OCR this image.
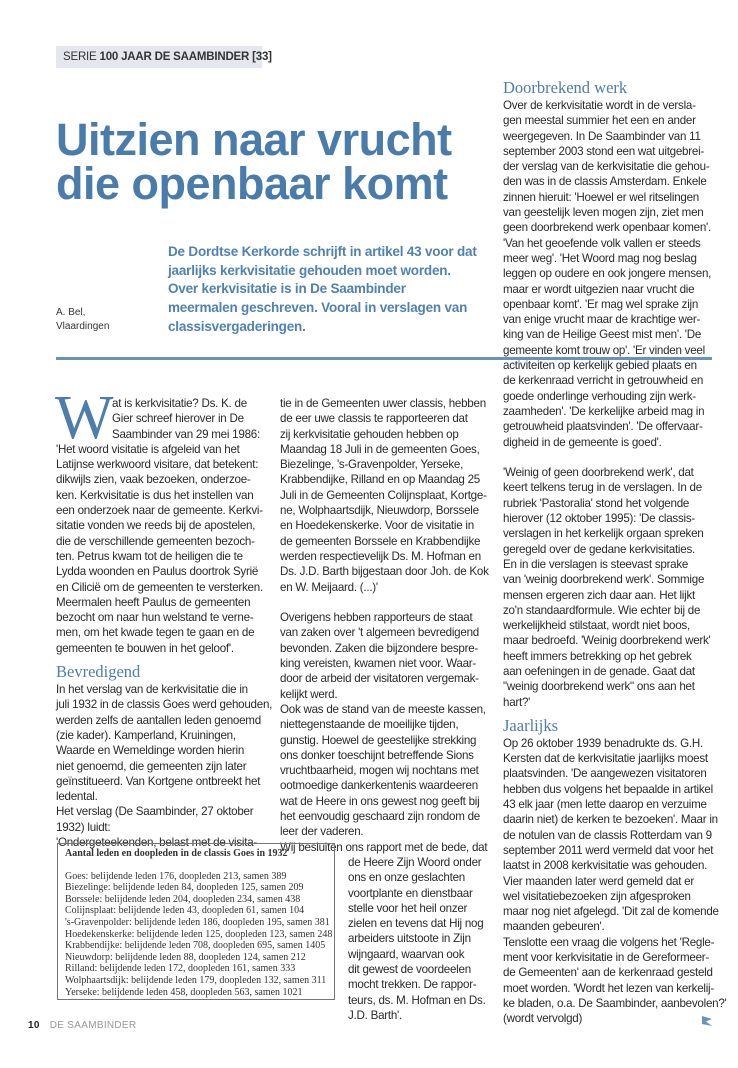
SERIE 100 JAAR DE SAAMBINDER [33]
Uitzien naar vrucht die openbaar komt
A. Bel,
Vlaardingen
De Dordtse Kerkorde schrijft in artikel 43 voor dat jaarlijks kerkvisitatie gehouden moet worden. Over kerkvisitatie is in De Saambinder meermalen geschreven. Vooral in verslagen van classisvergaderingen.
W
at is kerkvisitatie? Ds. K. de
Gier schreef hierover in De
Saambinder van 29 mei 1986:
'Het woord visitatie is afgeleid van het
Latijnse werkwoord visitare, dat betekent:
dikwijls zien, vaak bezoeken, onderzoe-
ken. Kerkvisitatie is dus het instellen van
een onderzoek naar de gemeente. Kerkvi-
sitatie vonden we reeds bij de apostelen,
die de verschillende gemeenten bezoch-
ten. Petrus kwam tot de heiligen die te
Lydda woonden en Paulus doortrok Syrië
en Cilicië om de gemeenten te versterken.
Meermalen heeft Paulus de gemeenten
bezocht om naar hun welstand te verne-
men, om het kwade tegen te gaan en de
gemeenten te bouwen in het geloof'.
Bevredigend
In het verslag van de kerkvisitatie die in
juli 1932 in de classis Goes werd gehouden,
werden zelfs de aantallen leden genoemd
(zie kader). Kamperland, Kruiningen,
Waarde en Wemeldinge worden hierin
niet genoemd, die gemeenten zijn later
geïnstitueerd. Van Kortgene ontbreekt het
ledental.
Het verslag (De Saambinder, 27 oktober
1932) luidt:
'Ondergeteekenden, belast met de visita-
tie in de Gemeenten uwer classis, hebben
de eer uwe classis te rapporteeren dat
zij kerkvisitatie gehouden hebben op
Maandag 18 Juli in de gemeenten Goes,
Biezelinge, 's-Gravenpolder, Yerseke,
Krabbendijke, Rilland en op Maandag 25
Juli in de Gemeenten Colijnsplaat, Kortge-
ne, Wolphaartsdijk, Nieuwdorp, Borssele
en Hoedekenskerke. Voor de visitatie in
de gemeenten Borssele en Krabbendijke
werden respectievelijk Ds. M. Hofman en
Ds. J.D. Barth bijgestaan door Joh. de Kok
en W. Meijaard. (...)'
Overigens hebben rapporteurs de staat
van zaken over 't algemeen bevredigend
bevonden. Zaken die bijzondere bespre-
king vereisten, kwamen niet voor. Waar-
door de arbeid der visitatoren vergemak-
kelijkt werd.
Ook was de stand van de meeste kassen,
niettegenstaande de moeilijke tijden,
gunstig. Hoewel de geestelijke strekking
ons donker toeschijnt betreffende Sions
vruchtbaarheid, mogen wij nochtans met
ootmoedige dankerkentenis waardeeren
wat de Heere in ons gewest nog geeft bij
het eenvoudig geschaard zijn rondom de
leer der vaderen.
Wij besluiten ons rapport met de bede, dat
de Heere Zijn Woord onder
ons en onze geslachten
voortplante en dienstbaar
stelle voor het heil onzer
zielen en tevens dat Hij nog
arbeiders uitstoote in Zijn
wijngaard, waarvan ook
dit gewest de voordeelen
mocht trekken. De rappor-
teurs, ds. M. Hofman en Ds.
J.D. Barth'.
Doorbrekend werk
Over de kerkvisitatie wordt in de versla-
gen meestal summier het een en ander
weergegeven. In De Saambinder van 11
september 2003 stond een wat uitgebrei-
der verslag van de kerkvisitatie die gehou-
den was in de classis Amsterdam. Enkele
zinnen hieruit: 'Hoewel er wel ritselingen
van geestelijk leven mogen zijn, ziet men
geen doorbrekend werk openbaar komen'.
'Van het geoefende volk vallen er steeds
meer weg'. 'Het Woord mag nog beslag
leggen op oudere en ook jongere mensen,
maar er wordt uitgezien naar vrucht die
openbaar komt'. 'Er mag wel sprake zijn
van enige vrucht maar de krachtige wer-
king van de Heilige Geest mist men'. 'De
gemeente komt trouw op'. 'Er vinden veel
activiteiten op kerkelijk gebied plaats en
de kerkenraad verricht in getrouwheid en
goede onderlinge verhouding zijn werk-
zaamheden'. 'De kerkelijke arbeid mag in
getrouwheid plaatsvinden'. 'De offervaar-
digheid in de gemeente is goed'.
'Weinig of geen doorbrekend werk', dat
keert telkens terug in de verslagen. In de
rubriek 'Pastoralia' stond het volgende
hierover (12 oktober 1995): 'De classis-
verslagen in het kerkelijk orgaan spreken
geregeld over de gedane kerkvisitaties.
En in die verslagen is steevast sprake
van 'weinig doorbrekend werk'. Sommige
mensen ergeren zich daar aan. Het lijkt
zo'n standaardformule. Wie echter bij de
werkelijkheid stilstaat, wordt niet boos,
maar bedroefd. 'Weinig doorbrekend werk'
heeft immers betrekking op het gebrek
aan oefeningen in de genade. Gaat dat
"weinig doorbrekend werk" ons aan het
hart?'
Jaarlijks
Op 26 oktober 1939 benadrukte ds. G.H.
Kersten dat de kerkvisitatie jaarlijks moest
plaatsvinden. 'De aangewezen visitatoren
hebben dus volgens het bepaalde in artikel
43 elk jaar (men lette daarop en verzuime
daarin niet) de kerken te bezoeken'. Maar in
de notulen van de classis Rotterdam van 9
september 2011 werd vermeld dat voor het
laatst in 2008 kerkvisitatie was gehouden.
Vier maanden later werd gemeld dat er
wel visitatiebezoeken zijn afgesproken
maar nog niet afgelegd. 'Dit zal de komende
maanden gebeuren'.
Tenslotte een vraag die volgens het 'Regle-
ment voor kerkvisitatie in de Gereformeer-
de Gemeenten' aan de kerkenraad gesteld
moet worden. 'Wordt het lezen van kerkelij-
ke bladen, o.a. De Saambinder, aanbevolen?'
(wordt vervolgd)
Aantal leden en doopleden in de classis Goes in 1932
Goes: belijdende leden 176, doopleden 213, samen 389
Biezelinge: belijdende leden 84, doopleden 125, samen 209
Borssele: belijdende leden 204, doopleden 234, samen 438
Colijnsplaat: belijdende leden 43, doopleden 61, samen 104
's-Gravenpolder: belijdende leden 186, doopleden 195, samen 381
Hoedekenskerke: belijdende leden 125, doopleden 123, samen 248
Krabbendijke: belijdende leden 708, doopleden 695, samen 1405
Nieuwdorp: belijdende leden 88, doopleden 124, samen 212
Rilland: belijdende leden 172, doopleden 161, samen 333
Wolphaartsdijk: belijdende leden 179, doopleden 132, samen 311
Yerseke: belijdende leden 458, doopleden 563, samen 1021
10 DE SAAMBINDER
